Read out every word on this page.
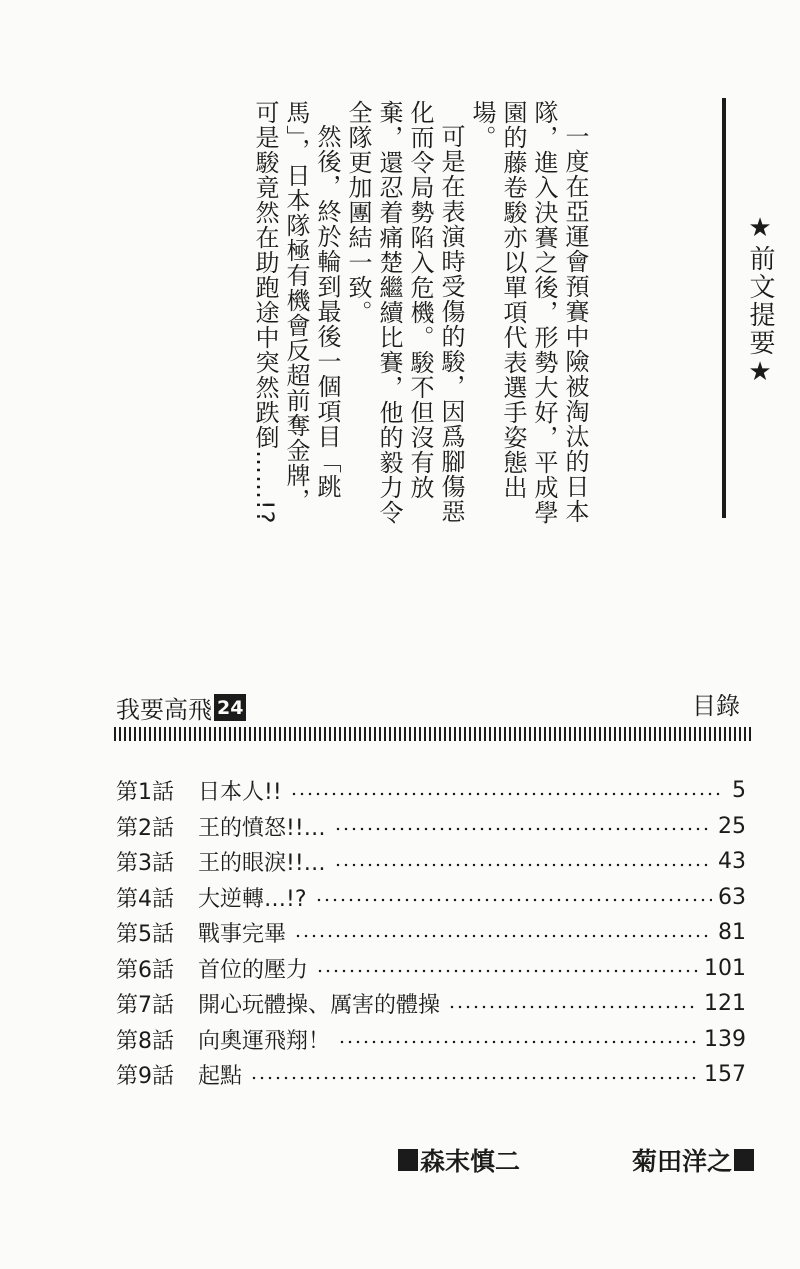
一度在亞運會預賽中險被淘汰的日本隊，進入決賽之後，形勢大好，平成學園的藤卷駿亦以單項代表選手姿態出場。

可是在表演時受傷的駿，因爲腳傷惡化而令局勢陷入危機。駿不但沒有放棄，還忍着痛楚繼續比賽，他的毅力令全隊更加團結一致。

然後，終於輪到最後一個項目「跳馬」，日本隊極有機會反超前奪金牌，可是駿竟然在助跑途中突然跌倒……!?	★前文提要★
我要高飛 24	目錄
第1話	日本人!!	5
第2話	王的憤怒!!…	25
第3話	王的眼淚!!…	43
第4話	大逆轉…!?	63
第5話	戰事完畢	81
第6話	首位的壓力	101
第7話	開心玩體操、厲害的體操	121
第8話	向奧運飛翔！	139
第9話	起點	157
森末慎二	菊田洋之
